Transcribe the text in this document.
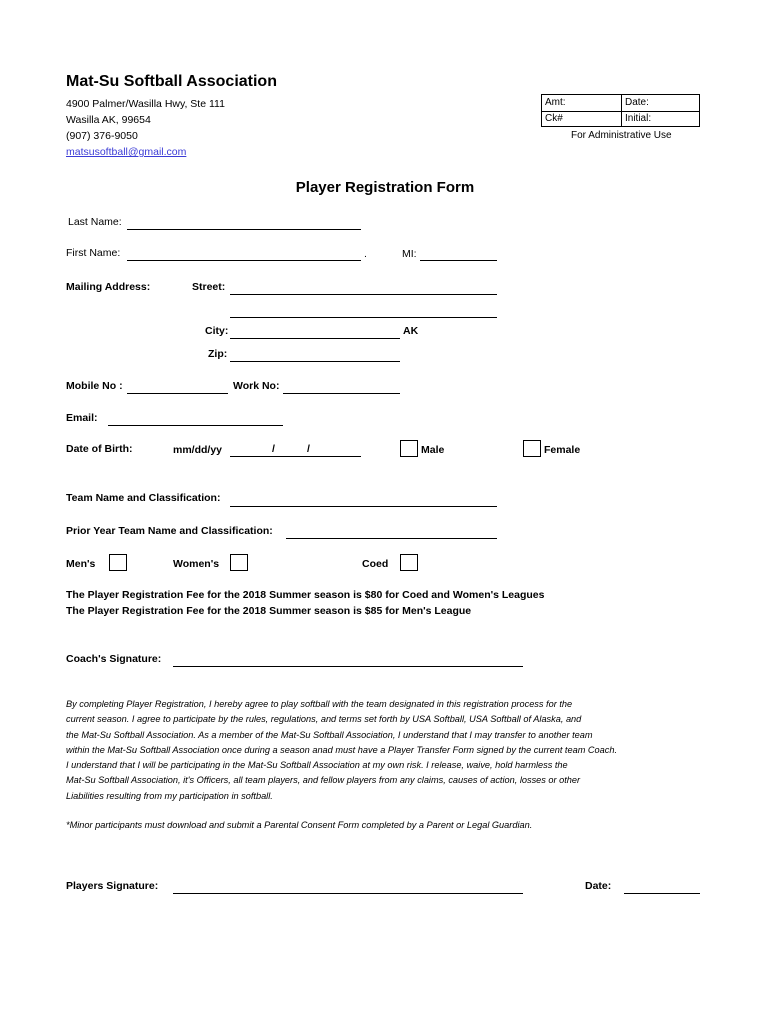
Mat-Su Softball Association
4900 Palmer/Wasilla Hwy, Ste 111
Wasilla AK, 99654
(907) 376-9050
matsusoftball@gmail.com
Amt:	Date:
Ck#	Initial:
For Administrative Use
Player Registration Form
Last Name:
First Name:	.	MI:
Mailing Address:	Street:
City:	AK
Zip:
Mobile No :	Work No:
Email:
Date of Birth:	mm/dd/yy	/	/	Male	Female
Team Name and Classification:
Prior Year Team Name and Classification:
Men's	Women's	Coed
The Player Registration Fee for the 2018 Summer season is $80 for Coed and Women's Leagues
The Player Registration Fee for the 2018 Summer season is $85 for Men's League
Coach's Signature:
By completing Player Registration, I hereby agree to play softball with the team designated in this registration process for the
current season. I agree to participate by the rules, regulations, and terms set forth by USA Softball, USA Softball of Alaska, and
the Mat-Su Softball Association. As a member of the Mat-Su Softball Association, I understand that I may transfer to another team
within the Mat-Su Softball Association once during a season anad must have a Player Transfer Form signed by the current team Coach.
I understand that I will be participating in the Mat-Su Softball Association at my own risk. I release, waive, hold harmless the
Mat-Su Softball Association, it's Officers, all team players, and fellow players from any claims, causes of action, losses or other
Liabilities resulting from my participation in softball.
*Minor participants must download and submit a Parental Consent Form completed by a Parent or Legal Guardian.
Players Signature:	Date:
